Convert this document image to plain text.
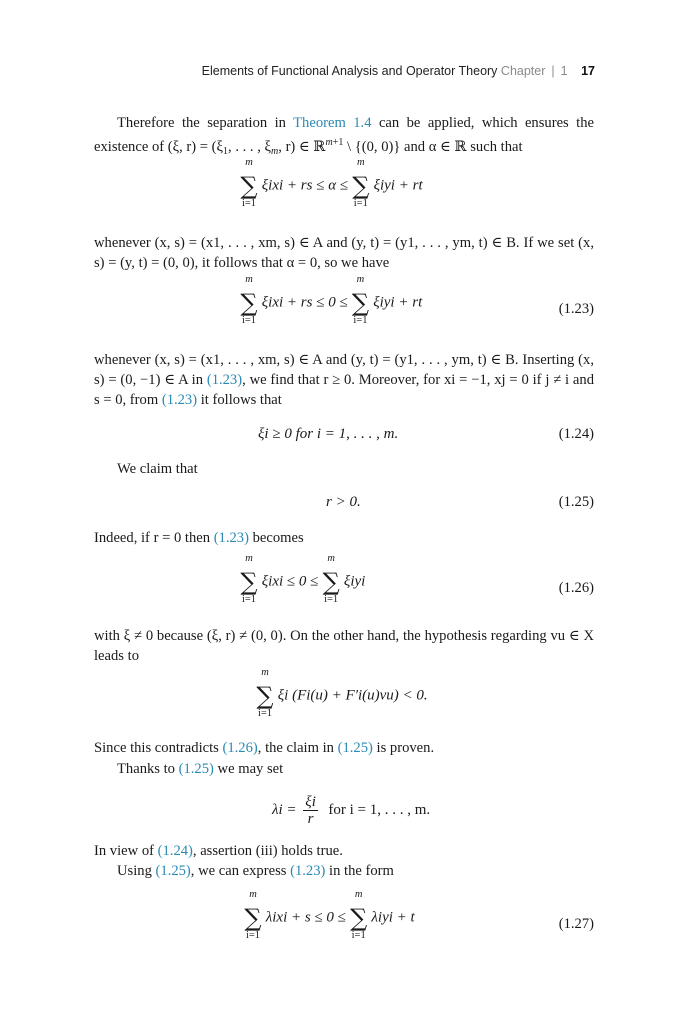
Elements of Functional Analysis and Operator Theory Chapter | 1 17
Therefore the separation in Theorem 1.4 can be applied, which ensures the existence of (ξ, $r) = (\xi_1$, . . . , $\xi_m$, r) ∈ ℝ$^{m+1}$ \ {(0, 0)} and α ∈ ℝ such that
m
∑
i=1
ξixi + rs ≤ α ≤
m
∑
i=1
ξiyi + rt
whenever (x, s) = (x1, . . . , xm, s) ∈ A and (y, t) = (y1, . . . , ym, t) ∈ B. If we set (x, s) = (y, t) = (0, 0), it follows that α = 0, so we have
m
∑
i=1
ξixi + rs ≤ 0 ≤
m
∑
i=1
ξiyi + rt	(1.23)
whenever (x, s) = (x1, . . . , xm, s) ∈ A and (y, t) = (y1, . . . , ym, t) ∈ B. Inserting (x, s) = (0, −1) ∈ A in (1.23), we find that r ≥ 0. Moreover, for xi = −1, xj = 0 if j ≠ i and s = 0, from (1.23) it follows that
ξi ≥ 0 for i = 1, . . . , m.	(1.24)
We claim that
r > 0.	(1.25)
Indeed, if r = 0 then (1.23) becomes
m
∑
i=1
ξixi ≤ 0 ≤
m
∑
i=1
ξiyi	(1.26)
with ξ ≠ 0 because (ξ, r) ≠ (0, 0). On the other hand, the hypothesis regarding vu ∈ X leads to
m
∑
i=1
ξi (Fi(u) + F′i(u)vu) < 0.
Since this contradicts (1.26), the claim in (1.25) is proven.
Thanks to (1.25) we may set
$\lambda i = \frac{\xi i}{r}$ for i = 1, . . . , m.
In view of (1.24), assertion (iii) holds true.
Using (1.25), we can express (1.23) in the form
m
∑
i=1
λixi + s ≤ 0 ≤
m
∑
i=1
λiyi + t	(1.27)
